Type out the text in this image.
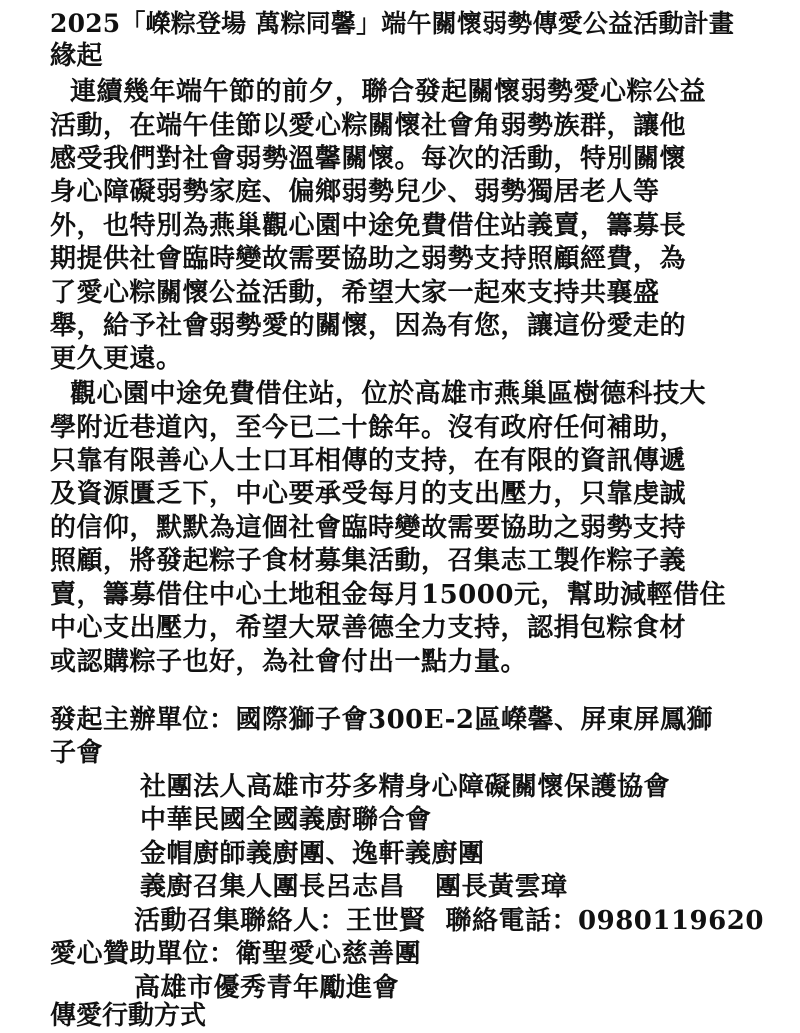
2025「嶸粽登場 萬粽同馨」端午關懷弱勢傳愛公益活動計畫
緣起
連續幾年端午節的前夕，聯合發起關懷弱勢愛心粽公益
活動，在端午佳節以愛心粽關懷社會角弱勢族群，讓他
感受我們對社會弱勢溫馨關懷。每次的活動，特別關懷
身心障礙弱勢家庭、偏鄉弱勢兒少、弱勢獨居老人等
外，也特別為燕巢觀心園中途免費借住站義賣，籌募長
期提供社會臨時變故需要協助之弱勢支持照顧經費，為
了愛心粽關懷公益活動，希望大家一起來支持共襄盛
舉，給予社會弱勢愛的關懷，因為有您，讓這份愛走的
更久更遠。
觀心園中途免費借住站，位於高雄市燕巢區樹德科技大
學附近巷道內，至今已二十餘年。沒有政府任何補助，
只靠有限善心人士口耳相傳的支持，在有限的資訊傳遞
及資源匱乏下，中心要承受每月的支出壓力，只靠虔誠
的信仰，默默為這個社會臨時變故需要協助之弱勢支持
照顧，將發起粽子食材募集活動，召集志工製作粽子義
賣，籌募借住中心土地租金每月15000元，幫助減輕借住
中心支出壓力，希望大眾善德全力支持，認捐包粽食材
或認購粽子也好，為社會付出一點力量。
發起主辦單位：國際獅子會300E-2區嶸馨、屏東屏鳳獅
子會
社團法人高雄市芬多精身心障礙關懷保護協會
中華民國全國義廚聯合會
金帽廚師義廚團、逸軒義廚團
義廚召集人團長呂志昌 團長黃雲璋
活動召集聯絡人：王世賢 聯絡電話：0980119620
愛心贊助單位：衛聖愛心慈善團
高雄市優秀青年勵進會
傳愛行動方式
